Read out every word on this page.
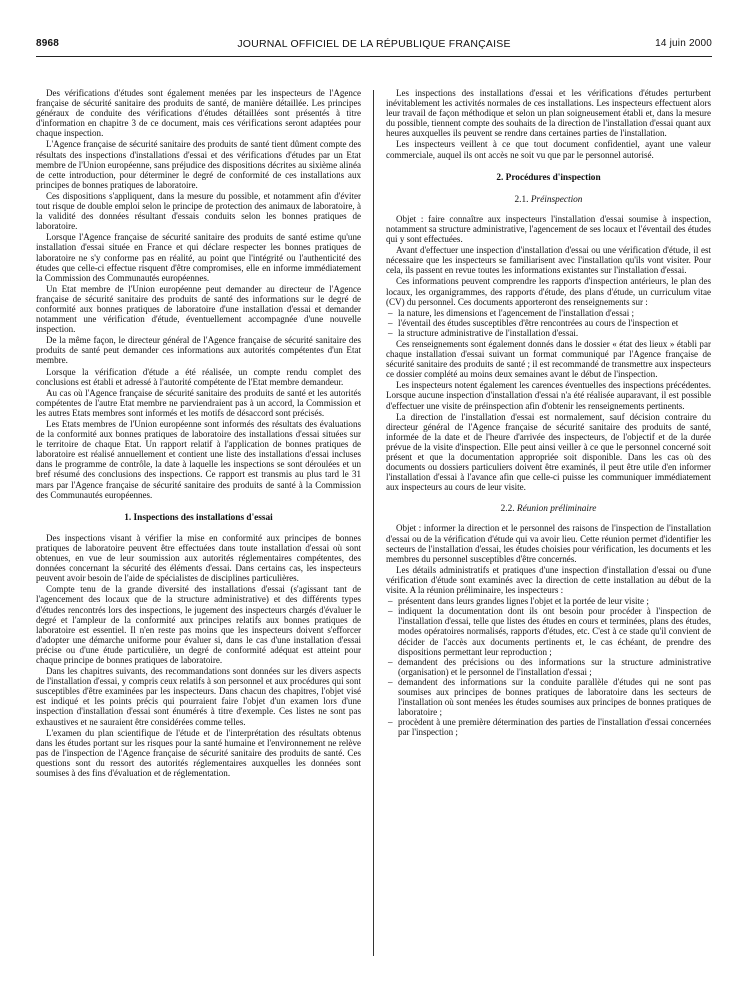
8968	JOURNAL OFFICIEL DE LA RÉPUBLIQUE FRANÇAISE	14 juin 2000

Des vérifications d'études sont également menées par les inspecteurs de l'Agence française de sécurité sanitaire des produits de santé, de manière détaillée. Les principes généraux de conduite des vérifications d'études détaillées sont présentés à titre d'information en chapitre 3 de ce document, mais ces vérifications seront adaptées pour chaque inspection.

L'Agence française de sécurité sanitaire des produits de santé tient dûment compte des résultats des inspections d'installations d'essai et des vérifications d'études par un Etat membre de l'Union européenne, sans préjudice des dispositions décrites au sixième alinéa de cette introduction, pour déterminer le degré de conformité de ces installations aux principes de bonnes pratiques de laboratoire.

Ces dispositions s'appliquent, dans la mesure du possible, et notamment afin d'éviter tout risque de double emploi selon le principe de protection des animaux de laboratoire, à la validité des données résultant d'essais conduits selon les bonnes pratiques de laboratoire.

Lorsque l'Agence française de sécurité sanitaire des produits de santé estime qu'une installation d'essai située en France et qui déclare respecter les bonnes pratiques de laboratoire ne s'y conforme pas en réalité, au point que l'intégrité ou l'authenticité des études que celle-ci effectue risquent d'être compromises, elle en informe immédiatement la Commission des Communautés européennes.

Un Etat membre de l'Union européenne peut demander au directeur de l'Agence française de sécurité sanitaire des produits de santé des informations sur le degré de conformité aux bonnes pratiques de laboratoire d'une installation d'essai et demander notamment une vérification d'étude, éventuellement accompagnée d'une nouvelle inspection.

De la même façon, le directeur général de l'Agence française de sécurité sanitaire des produits de santé peut demander ces informations aux autorités compétentes d'un Etat membre.

Lorsque la vérification d'étude a été réalisée, un compte rendu complet des conclusions est établi et adressé à l'autorité compétente de l'Etat membre demandeur.

Au cas où l'Agence française de sécurité sanitaire des produits de santé et les autorités compétentes de l'autre Etat membre ne parviendraient pas à un accord, la Commission et les autres Etats membres sont informés et les motifs de désaccord sont précisés.

Les Etats membres de l'Union européenne sont informés des résultats des évaluations de la conformité aux bonnes pratiques de laboratoire des installations d'essai situées sur le territoire de chaque Etat. Un rapport relatif à l'application de bonnes pratiques de laboratoire est réalisé annuellement et contient une liste des installations d'essai incluses dans le programme de contrôle, la date à laquelle les inspections se sont déroulées et un bref résumé des conclusions des inspections. Ce rapport est transmis au plus tard le 31 mars par l'Agence française de sécurité sanitaire des produits de santé à la Commission des Communautés européennes.

1. Inspections des installations d'essai

Des inspections visant à vérifier la mise en conformité aux principes de bonnes pratiques de laboratoire peuvent être effectuées dans toute installation d'essai où sont obtenues, en vue de leur soumission aux autorités réglementaires compétentes, des données concernant la sécurité des éléments d'essai. Dans certains cas, les inspecteurs peuvent avoir besoin de l'aide de spécialistes de disciplines particulières.

Compte tenu de la grande diversité des installations d'essai (s'agissant tant de l'agencement des locaux que de la structure administrative) et des différents types d'études rencontrés lors des inspections, le jugement des inspecteurs chargés d'évaluer le degré et l'ampleur de la conformité aux principes relatifs aux bonnes pratiques de laboratoire est essentiel. Il n'en reste pas moins que les inspecteurs doivent s'efforcer d'adopter une démarche uniforme pour évaluer si, dans le cas d'une installation d'essai précise ou d'une étude particulière, un degré de conformité adéquat est atteint pour chaque principe de bonnes pratiques de laboratoire.

Dans les chapitres suivants, des recommandations sont données sur les divers aspects de l'installation d'essai, y compris ceux relatifs à son personnel et aux procédures qui sont susceptibles d'être examinées par les inspecteurs. Dans chacun des chapitres, l'objet visé est indiqué et les points précis qui pourraient faire l'objet d'un examen lors d'une inspection d'installation d'essai sont énumérés à titre d'exemple. Ces listes ne sont pas exhaustives et ne sauraient être considérées comme telles.

L'examen du plan scientifique de l'étude et de l'interprétation des résultats obtenus dans les études portant sur les risques pour la santé humaine et l'environnement ne relève pas de l'inspection de l'Agence française de sécurité sanitaire des produits de santé. Ces questions sont du ressort des autorités réglementaires auxquelles les données sont soumises à des fins d'évaluation et de réglementation.

Les inspections des installations d'essai et les vérifications d'études perturbent inévitablement les activités normales de ces installations. Les inspecteurs effectuent alors leur travail de façon méthodique et selon un plan soigneusement établi et, dans la mesure du possible, tiennent compte des souhaits de la direction de l'installation d'essai quant aux heures auxquelles ils peuvent se rendre dans certaines parties de l'installation.

Les inspecteurs veillent à ce que tout document confidentiel, ayant une valeur commerciale, auquel ils ont accès ne soit vu que par le personnel autorisé.

2. Procédures d'inspection
2.1. Préinspection

Objet : faire connaître aux inspecteurs l'installation d'essai soumise à inspection, notamment sa structure administrative, l'agencement de ses locaux et l'éventail des études qui y sont effectuées.

Avant d'effectuer une inspection d'installation d'essai ou une vérification d'étude, il est nécessaire que les inspecteurs se familiarisent avec l'installation qu'ils vont visiter. Pour cela, ils passent en revue toutes les informations existantes sur l'installation d'essai.

Ces informations peuvent comprendre les rapports d'inspection antérieurs, le plan des locaux, les organigrammes, des rapports d'étude, des plans d'étude, un curriculum vitae (CV) du personnel. Ces documents apporteront des renseignements sur :

– la nature, les dimensions et l'agencement de l'installation d'essai ;
– l'éventail des études susceptibles d'être rencontrées au cours de l'inspection et
– la structure administrative de l'installation d'essai.

Ces renseignements sont également donnés dans le dossier « état des lieux » établi par chaque installation d'essai suivant un format communiqué par l'Agence française de sécurité sanitaire des produits de santé ; il est recommandé de transmettre aux inspecteurs ce dossier complété au moins deux semaines avant le début de l'inspection.

Les inspecteurs notent également les carences éventuelles des inspections précédentes. Lorsque aucune inspection d'installation d'essai n'a été réalisée auparavant, il est possible d'effectuer une visite de préinspection afin d'obtenir les renseignements pertinents.

La direction de l'installation d'essai est normalement, sauf décision contraire du directeur général de l'Agence française de sécurité sanitaire des produits de santé, informée de la date et de l'heure d'arrivée des inspecteurs, de l'objectif et de la durée prévue de la visite d'inspection. Elle peut ainsi veiller à ce que le personnel concerné soit présent et que la documentation appropriée soit disponible. Dans les cas où des documents ou dossiers particuliers doivent être examinés, il peut être utile d'en informer l'installation d'essai à l'avance afin que celle-ci puisse les communiquer immédiatement aux inspecteurs au cours de leur visite.

2.2. Réunion préliminaire

Objet : informer la direction et le personnel des raisons de l'inspection de l'installation d'essai ou de la vérification d'étude qui va avoir lieu. Cette réunion permet d'identifier les secteurs de l'installation d'essai, les études choisies pour vérification, les documents et les membres du personnel susceptibles d'être concernés.

Les détails administratifs et pratiques d'une inspection d'installation d'essai ou d'une vérification d'étude sont examinés avec la direction de cette installation au début de la visite. A la réunion préliminaire, les inspecteurs :

– présentent dans leurs grandes lignes l'objet et la portée de leur visite ;
– indiquent la documentation dont ils ont besoin pour procéder à l'inspection de l'installation d'essai, telle que listes des études en cours et terminées, plans des études, modes opératoires normalisés, rapports d'études, etc. C'est à ce stade qu'il convient de décider de l'accès aux documents pertinents et, le cas échéant, de prendre des dispositions permettant leur reproduction ;
– demandent des précisions ou des informations sur la structure administrative (organisation) et le personnel de l'installation d'essai ;
– demandent des informations sur la conduite parallèle d'études qui ne sont pas soumises aux principes de bonnes pratiques de laboratoire dans les secteurs de l'installation où sont menées les études soumises aux principes de bonnes pratiques de laboratoire ;
– procèdent à une première détermination des parties de l'installation d'essai concernées par l'inspection ;
